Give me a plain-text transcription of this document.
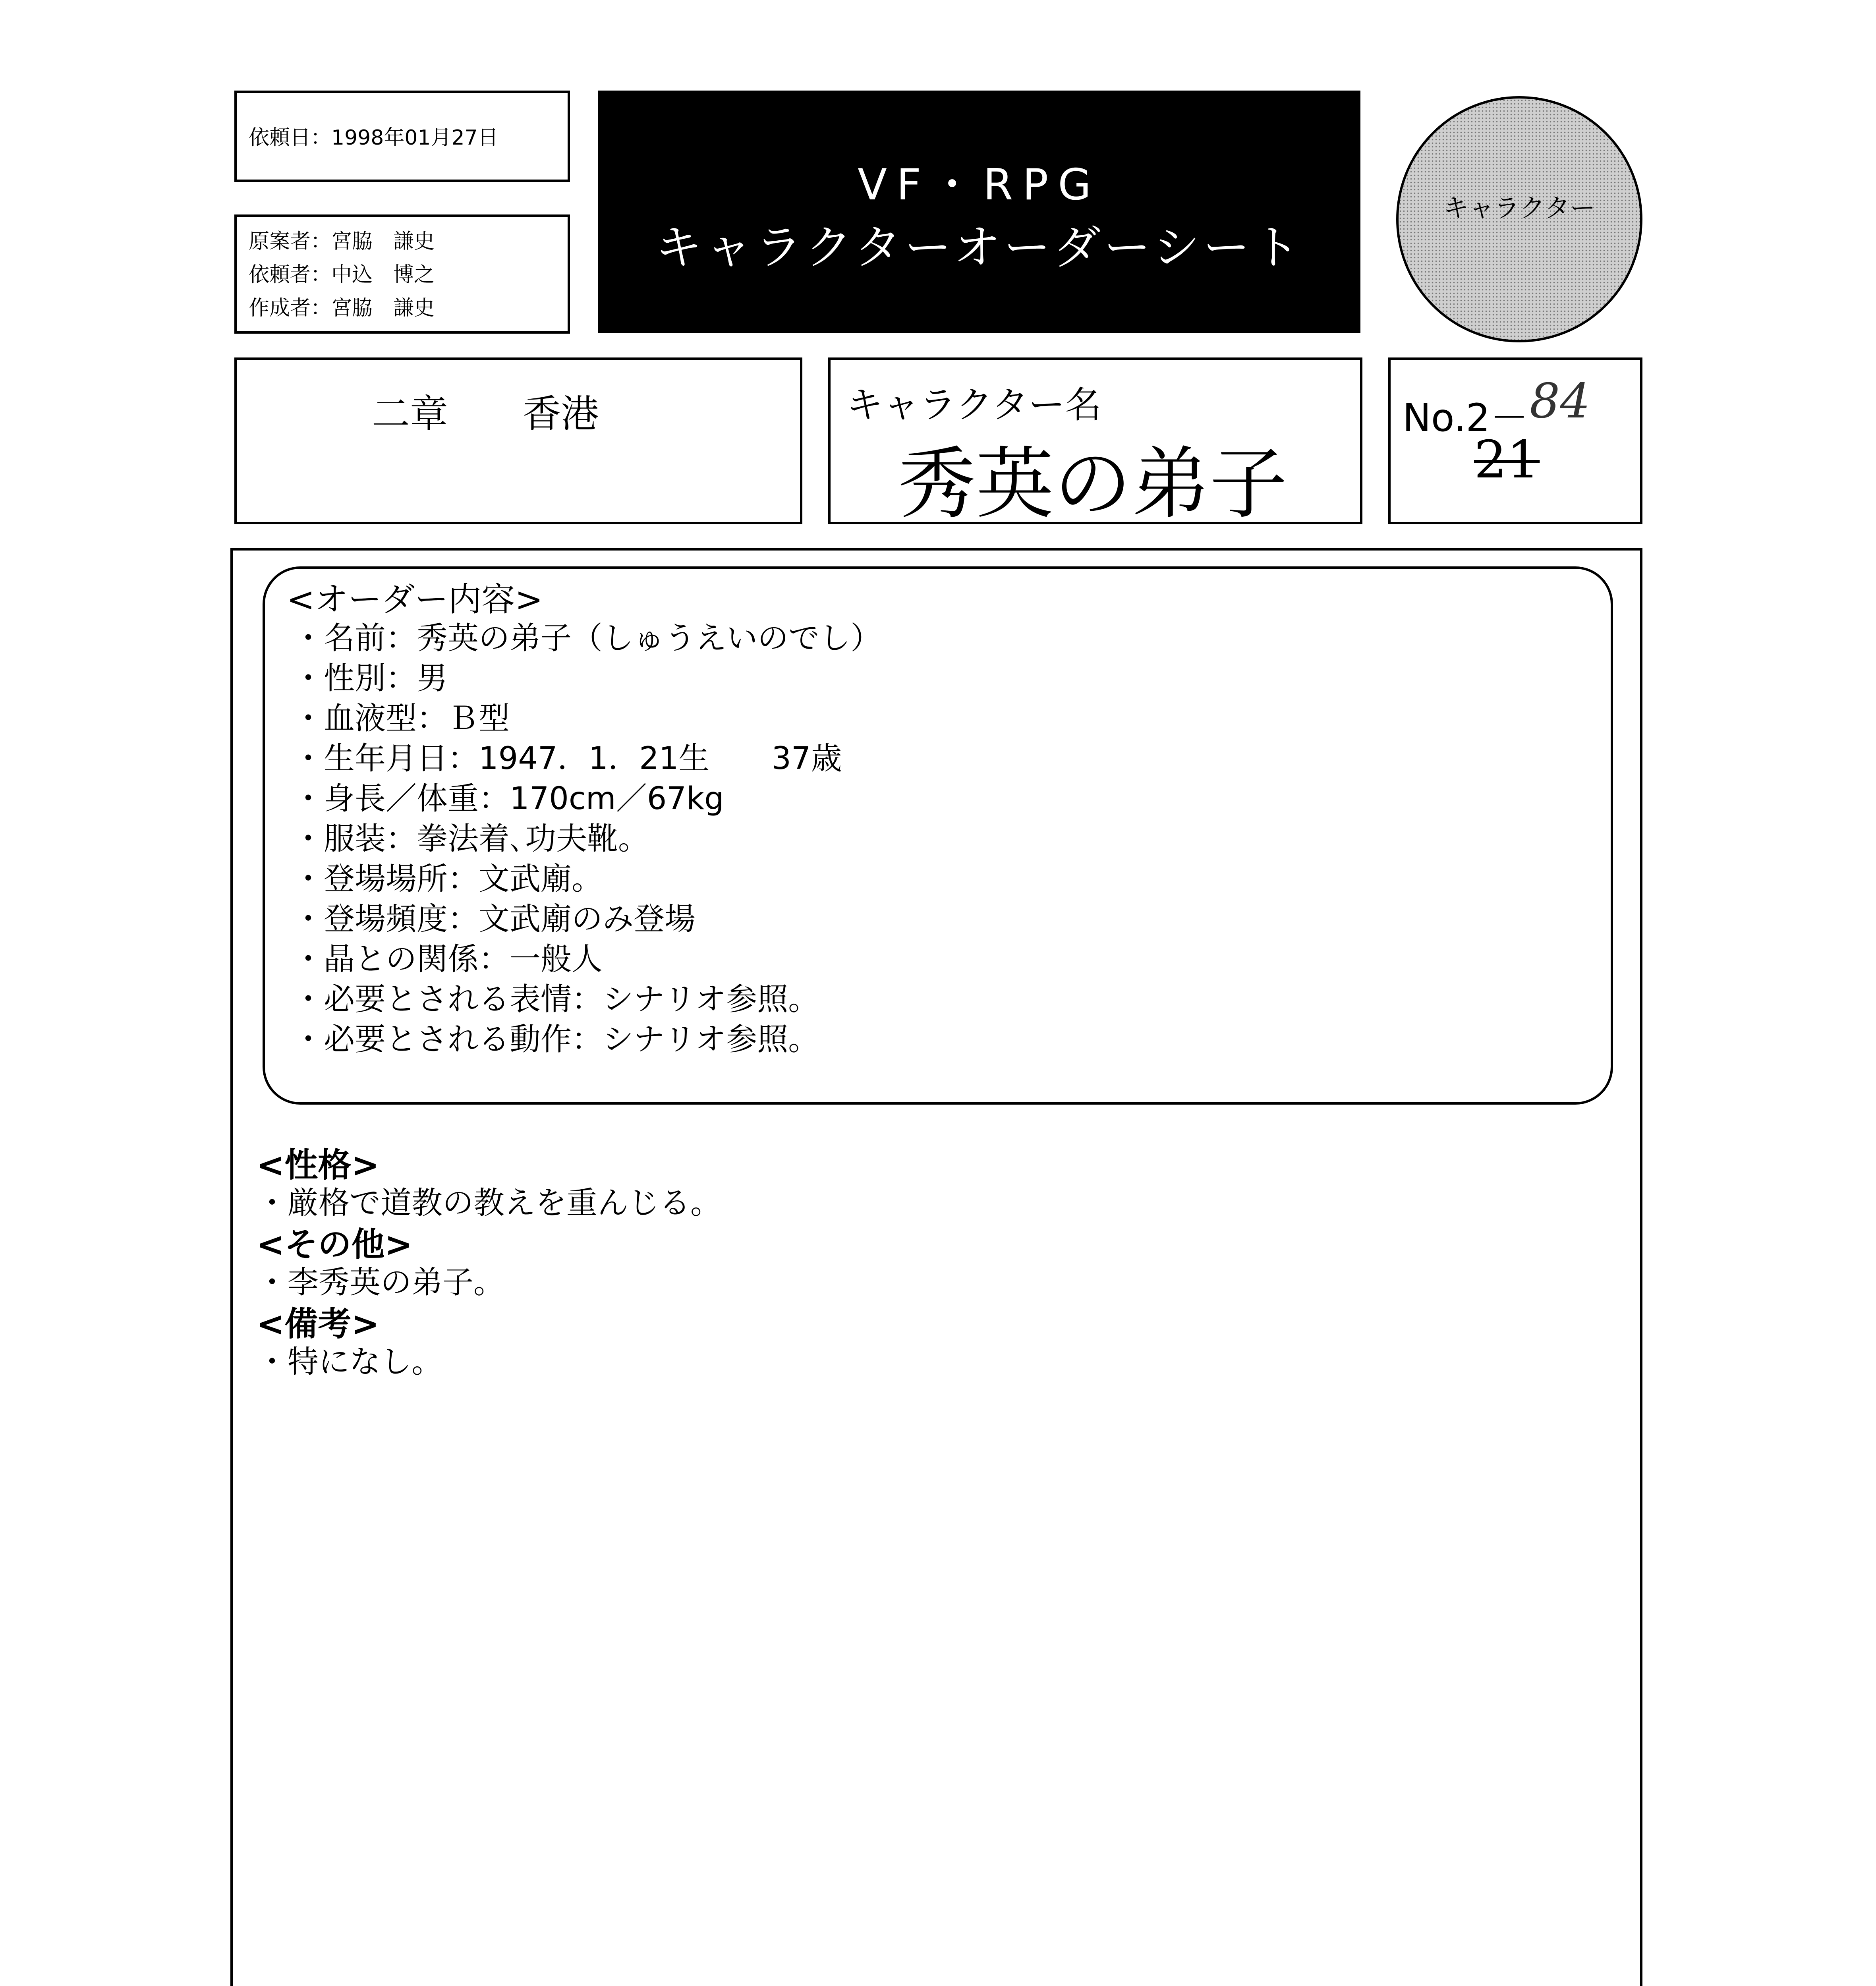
依頼日：1998年01月27日
原案者：宮脇　謙史
依頼者：中込　博之
作成者：宮脇　謙史
VF・RPG
キャラクターオーダーシート
キャラクター
二章 香港	キャラクター名
秀英の弟子
No.2－ 84
21
<オーダー内容>
・名前：秀英の弟子（しゅうえいのでし）
・性別：男
・血液型：Ｂ型
・生年月日：1947．1．21生　　37歳
・身長／体重：170cm／67kg
・服装：拳法着､功夫靴。
・登場場所：文武廟。
・登場頻度：文武廟のみ登場
・晶との関係：一般人
・必要とされる表情：シナリオ参照。
・必要とされる動作：シナリオ参照。
<性格>
・厳格で道教の教えを重んじる。
<その他>
・李秀英の弟子。
<備考>
・特になし。
